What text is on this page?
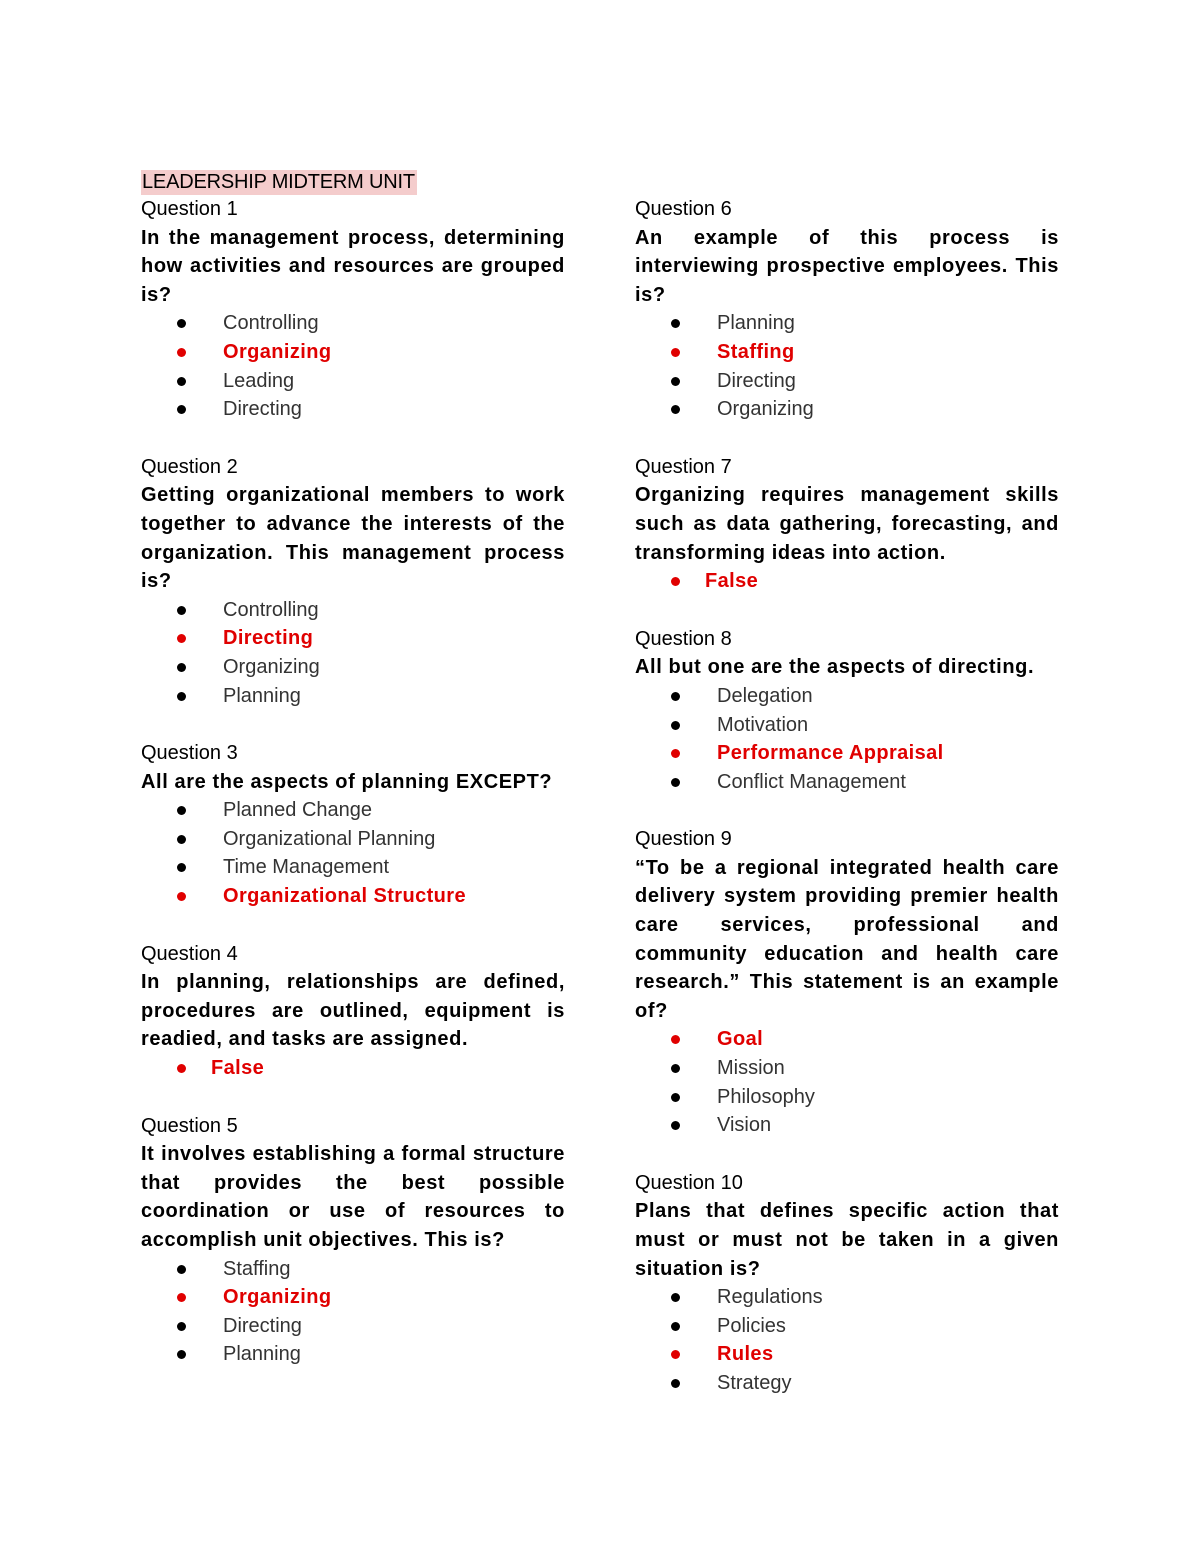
LEADERSHIP MIDTERM UNIT
Question 1
In the management process, determining how activities and resources are grouped is?
Controlling
Organizing
Leading
Directing
Question 2
Getting organizational members to work together to advance the interests of the organization. This management process is?
Controlling
Directing
Organizing
Planning
Question 3
All are the aspects of planning EXCEPT?
Planned Change
Organizational Planning
Time Management
Organizational Structure
Question 4
In planning, relationships are defined, procedures are outlined, equipment is readied, and tasks are assigned.
False
Question 5
It involves establishing a formal structure that provides the best possible coordination or use of resources to accomplish unit objectives. This is?
Staffing
Organizing
Directing
Planning
Question 6
An example of this process is interviewing prospective employees. This is?
Planning
Staffing
Directing
Organizing
Question 7
Organizing requires management skills such as data gathering, forecasting, and transforming ideas into action.
False
Question 8
All but one are the aspects of directing.
Delegation
Motivation
Performance Appraisal
Conflict Management
Question 9
“To be a regional integrated health care delivery system providing premier health care services, professional and community education and health care research.” This statement is an example of?
Goal
Mission
Philosophy
Vision
Question 10
Plans that defines specific action that must or must not be taken in a given situation is?
Regulations
Policies
Rules
Strategy
